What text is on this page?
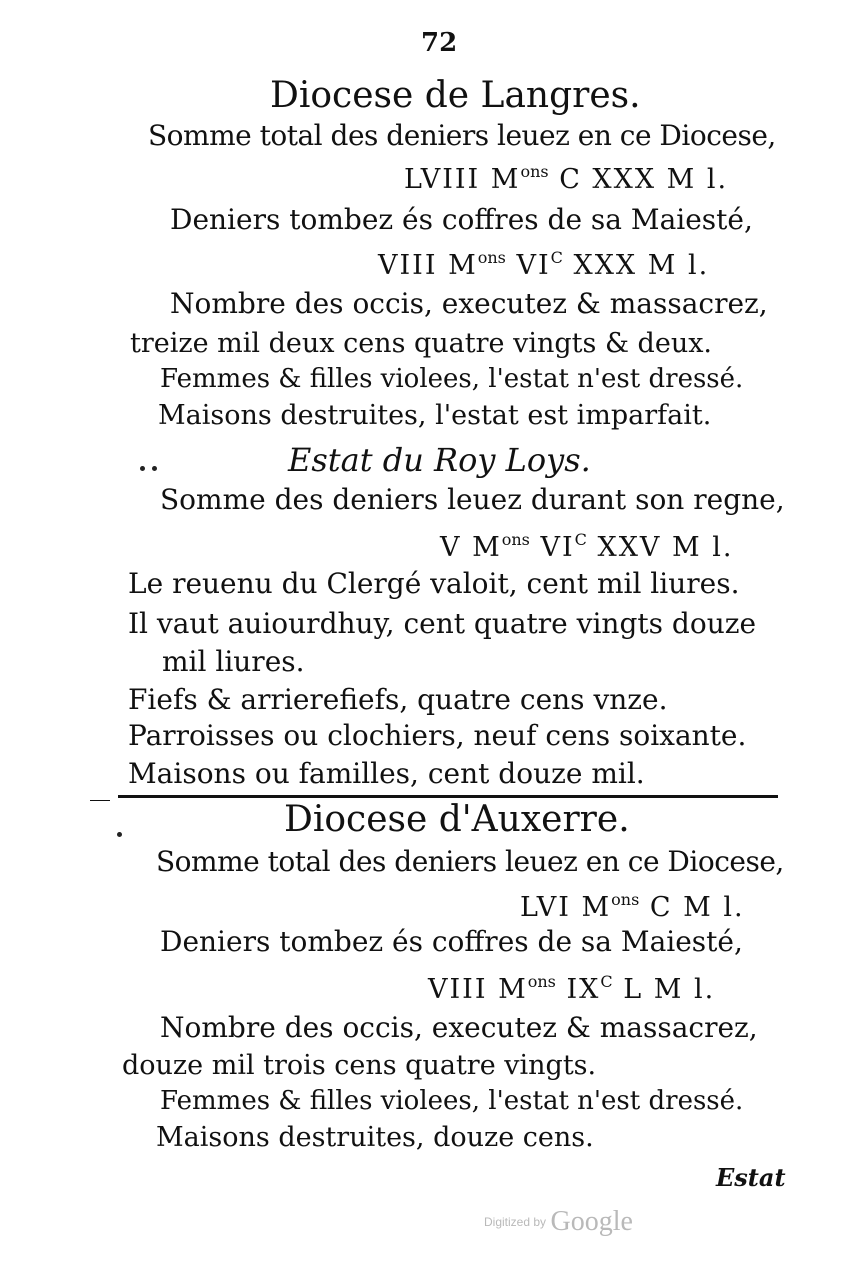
72
Diocese de Langres.
Somme total des deniers leuez en ce Diocese,
LVIII $M^{ons}$ C XXX M l.
Deniers tombez és coffres de sa Maiesté,
VIII $M^{ons}$ $VI^C$ XXX M l.
Nombre des occis, executez & massacrez,
treize mil deux cens quatre vingts & deux.
Femmes & filles violees, l'estat n'est dressé.
Maisons destruites, l'estat est imparfait.
Estat du Roy Loys.
Somme des deniers leuez durant son regne,
V $M^{ons}$ $VI^C$ XXV M l.
Le reuenu du Clergé valoit, cent mil liures.
Il vaut auiourdhuy, cent quatre vingts douze
mil liures.
Fiefs & arrierefiefs, quatre cens vnze.
Parroisses ou clochiers, neuf cens soixante.
Maisons ou familles, cent douze mil.
Diocese d'Auxerre.
Somme total des deniers leuez en ce Diocese,
LVI $M^{ons}$ C M l.
Deniers tombez és coffres de sa Maiesté,
VIII $M^{ons}$ $IX^C$ L M l.
Nombre des occis, executez & massacrez,
douze mil trois cens quatre vingts.
Femmes & filles violees, l'estat n'est dressé.
Maisons destruites, douze cens.
Estat
$^{Digitized by}$ Google
